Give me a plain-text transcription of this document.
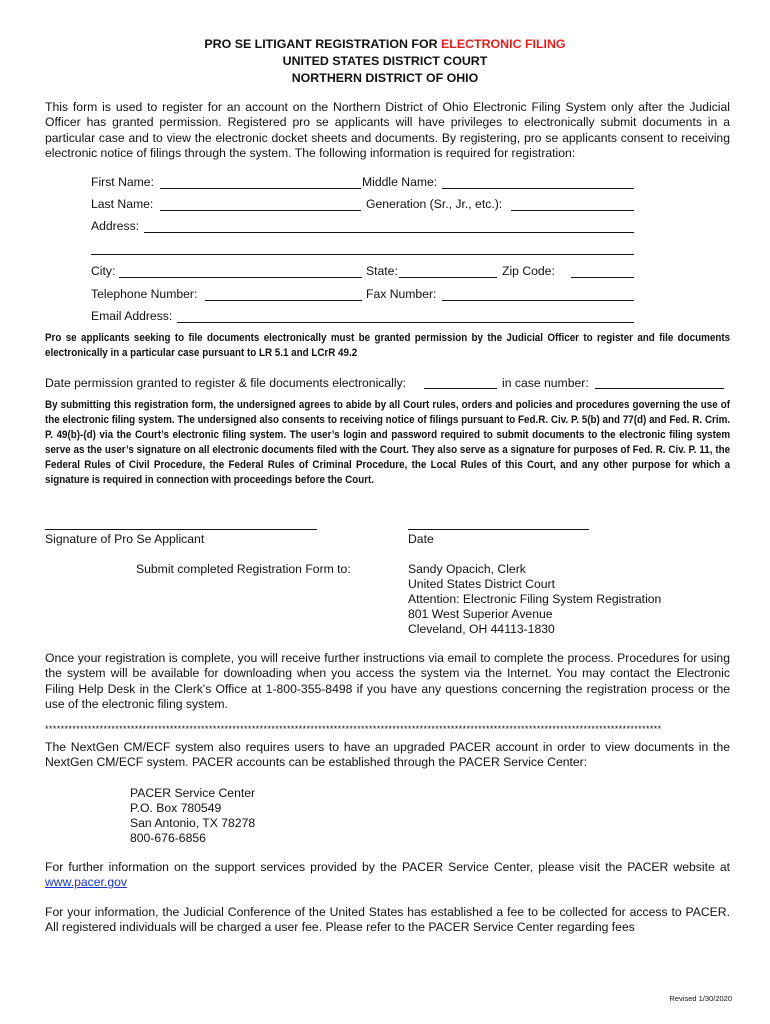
PRO SE LITIGANT REGISTRATION FOR ELECTRONIC FILING
UNITED STATES DISTRICT COURT
NORTHERN DISTRICT OF OHIO
This form is used to register for an account on the Northern District of Ohio Electronic Filing System only after the Judicial Officer has granted permission. Registered pro se applicants will have privileges to electronically submit documents in a particular case and to view the electronic docket sheets and documents. By registering, pro se applicants consent to receiving electronic notice of filings through the system. The following information is required for registration:
First Name:	Middle Name:
Last Name:	Generation (Sr., Jr., etc.):
Address:
City:	State:	Zip Code:
Telephone Number:	Fax Number:
Email Address:
Pro se applicants seeking to file documents electronically must be granted permission by the Judicial Officer to register and file documents electronically in a particular case pursuant to LR 5.1 and LCrR 49.2
Date permission granted to register & file documents electronically:	in case number:
By submitting this registration form, the undersigned agrees to abide by all Court rules, orders and policies and procedures governing the use of the electronic filing system. The undersigned also consents to receiving notice of filings pursuant to Fed.R. Civ. P. 5(b) and 77(d) and Fed. R. Crim. P. 49(b)-(d) via the Court’s electronic filing system. The user’s login and password required to submit documents to the electronic filing system serve as the user’s signature on all electronic documents filed with the Court. They also serve as a signature for purposes of Fed. R. Civ. P. 11, the Federal Rules of Civil Procedure, the Federal Rules of Criminal Procedure, the Local Rules of this Court, and any other purpose for which a signature is required in connection with proceedings before the Court.
Signature of Pro Se Applicant	Date
Submit completed Registration Form to:	Sandy Opacich, Clerk
United States District Court
Attention: Electronic Filing System Registration
801 West Superior Avenue
Cleveland, OH 44113-1830
Once your registration is complete, you will receive further instructions via email to complete the process. Procedures for using the system will be available for downloading when you access the system via the Internet. You may contact the Electronic Filing Help Desk in the Clerk's Office at 1-800-355-8498 if you have any questions concerning the registration process or the use of the electronic filing system.
**************************************************************************************************************************************************************
The NextGen CM/ECF system also requires users to have an upgraded PACER account in order to view documents in the NextGen CM/ECF system. PACER accounts can be established through the PACER Service Center:
PACER Service Center
P.O. Box 780549
San Antonio, TX 78278
800-676-6856
For further information on the support services provided by the PACER Service Center, please visit the PACER website at www.pacer.gov
For your information, the Judicial Conference of the United States has established a fee to be collected for access to PACER. All registered individuals will be charged a user fee. Please refer to the PACER Service Center regarding fees
Revised 1/30/2020
